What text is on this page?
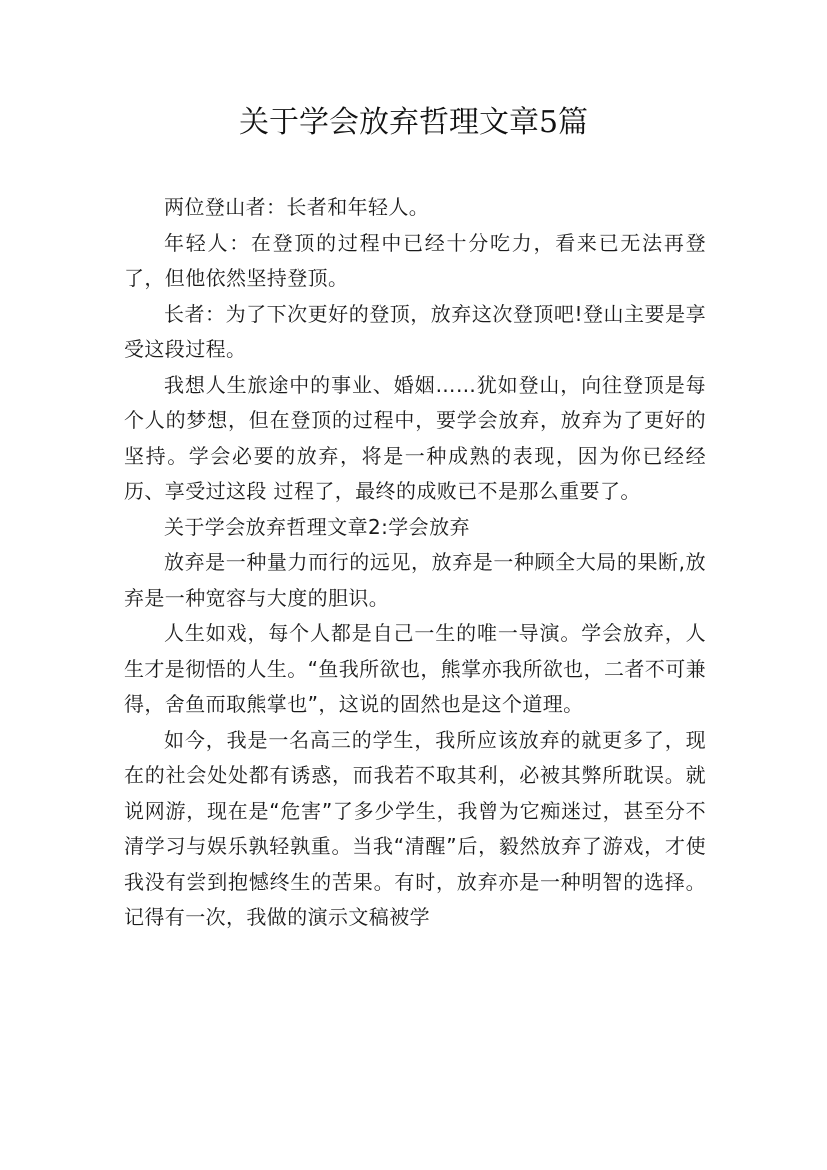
关于学会放弃哲理文章5篇

两位登山者：长者和年轻人。

年轻人：在登顶的过程中已经十分吃力，看来已无法再登了，但他依然坚持登顶。

长者：为了下次更好的登顶，放弃这次登顶吧!登山主要是享受这段过程。

我想人生旅途中的事业、婚姻……犹如登山，向往登顶是每个人的梦想，但在登顶的过程中，要学会放弃，放弃为了更好的坚持。学会必要的放弃，将是一种成熟的表现，因为你已经经历、享受过这段 过程了，最终的成败已不是那么重要了。

关于学会放弃哲理文章2:学会放弃

放弃是一种量力而行的远见，放弃是一种顾全大局的果断,放弃是一种宽容与大度的胆识。

人生如戏，每个人都是自己一生的唯一导演。学会放弃，人生才是彻悟的人生。“鱼我所欲也，熊掌亦我所欲也，二者不可兼得，舍鱼而取熊掌也”，这说的固然也是这个道理。

如今，我是一名高三的学生，我所应该放弃的就更多了，现在的社会处处都有诱惑，而我若不取其利，必被其弊所耽误。就说网游，现在是“危害”了多少学生，我曾为它痴迷过，甚至分不清学习与娱乐孰轻孰重。当我“清醒”后，毅然放弃了游戏，才使我没有尝到抱憾终生的苦果。有时，放弃亦是一种明智的选择。记得有一次，我做的演示文稿被学
